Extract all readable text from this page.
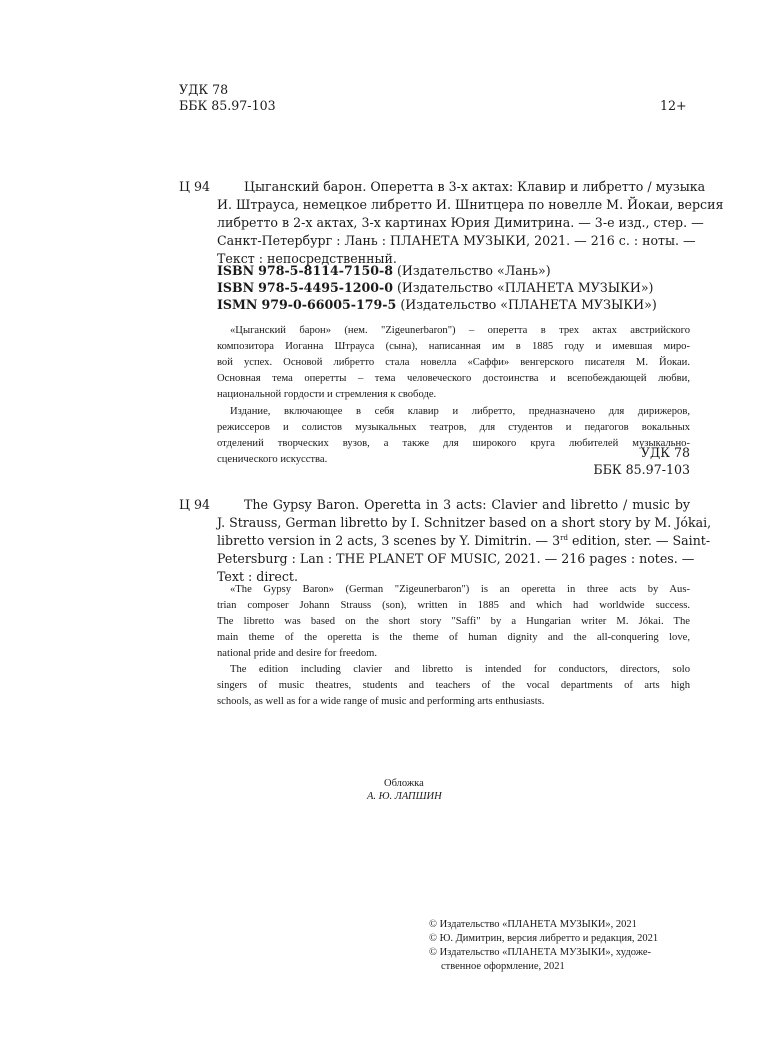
УДК 78
ББК 85.97-103	12+
Ц 94	Цыганский барон. Оперетта в 3-х актах: Клавир и либретто / музыка
И. Штрауса, немецкое либретто И. Шнитцера по новелле М. Йокаи, версия
либретто в 2-х актах, 3-х картинах Юрия Димитрина. — 3-е изд., стер. —
Санкт-Петербург : Лань : ПЛАНЕТА МУЗЫКИ, 2021. — 216 с. : ноты. —
Текст : непосредственный.
ISBN 978-5-8114-7150-8 (Издательство «Лань»)
ISBN 978-5-4495-1200-0 (Издательство «ПЛАНЕТА МУЗЫКИ»)
ISMN 979-0-66005-179-5 (Издательство «ПЛАНЕТА МУЗЫКИ»)
«Цыганский барон» (нем. "Zigeunerbaron") – оперетта в трех актах австрийского
композитора Иоганна Штрауса (сына), написанная им в 1885 году и имевшая миро-
вой успех. Основой либретто стала новелла «Саффи» венгерского писателя М. Йокаи.
Основная тема оперетты – тема человеческого достоинства и всепобеждающей любви,
национальной гордости и стремления к свободе.
Издание, включающее в себя клавир и либретто, предназначено для дирижеров,
режиссеров и солистов музыкальных театров, для студентов и педагогов вокальных
отделений творческих вузов, а также для широкого круга любителей музыкально-
сценического искусства.	УДК 78
ББК 85.97-103
Ц 94	The Gypsy Baron. Operetta in 3 acts: Clavier and libretto / music by
J. Strauss, German libretto by I. Schnitzer based on a short story by M. Jókai,
libretto version in 2 acts, 3 scenes by Y. Dimitrin. — 3rd edition, ster. — Saint-
Petersburg : Lan : THE PLANET OF MUSIC, 2021. — 216 pages : notes. —
Text : direct.
«The Gypsy Baron» (German "Zigeunerbaron") is an operetta in three acts by Aus-
trian composer Johann Strauss (son), written in 1885 and which had worldwide success.
The libretto was based on the short story "Saffi" by a Hungarian writer M. Jókai. The
main theme of the operetta is the theme of human dignity and the all-conquering love,
national pride and desire for freedom.
The edition including clavier and libretto is intended for conductors, directors, solo
singers of music theatres, students and teachers of the vocal departments of arts high
schools, as well as for a wide range of music and performing arts enthusiasts.
Обложка
А. Ю. ЛАПШИН
© Издательство «ПЛАНЕТА МУЗЫКИ», 2021
© Ю. Димитрин, версия либретто и редакция, 2021
© Издательство «ПЛАНЕТА МУЗЫКИ», художе-
ственное оформление, 2021
